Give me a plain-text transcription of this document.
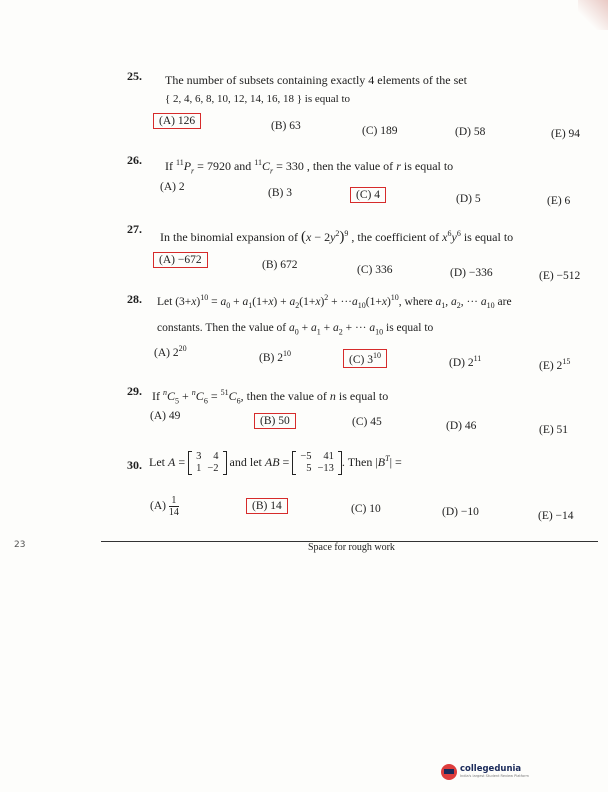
25. The number of subsets containing exactly 4 elements of the set
{ 2, 4, 6, 8, 10, 12, 14, 16, 18 } is equal to
(A) 126	(B) 63	(C) 189	(D) 58	(E) 94
26. If $^{11}P_r = 7920$ and $^{11}C_r = 330$ , then the value of r is equal to
(A) 2	(B) 3	(C) 4	(D) 5	(E) 6
27.
In the binomial expansion of $(x - 2y^2)^9$ , the coefficient of $x^6y^6$ is equal to
(A) −672	(B) 672	(C) 336	(D) −336	(E) −512
28. Let $(3+x)^{10} = a_0 + a_1(1+x) + a_2(1+x)^2 + \cdot\cdot\cdot a_{10}(1+x)^{10}$, where $a_1$, $a_2$, ··· $a_{10}$ are
constants. Then the value of $a_0 + a_1 + a_2$ + ··· $a_{10}$ is equal to
(A) $2^{20}$
(B) $2^{10}$
(C) $3^{10}$
(D) $2^{11}$
(E) $2^{15}$
29. If $^nC_5 + ^nC_6 = ^{51}C_6$, then the value of n is equal to
(A) 49	(B) 50	(C) 45	(D) 46	(E) 51
30. Let A = 3	4
1	−2 and let AB = −5	41
5	−13 . Then $|B^T|$ =
$(A) \frac{1}{14}$	(B) 14	(C) 10	(D) −10	(E) −14
23	Space for rough work
collegedunia
India's largest Student Review Platform
